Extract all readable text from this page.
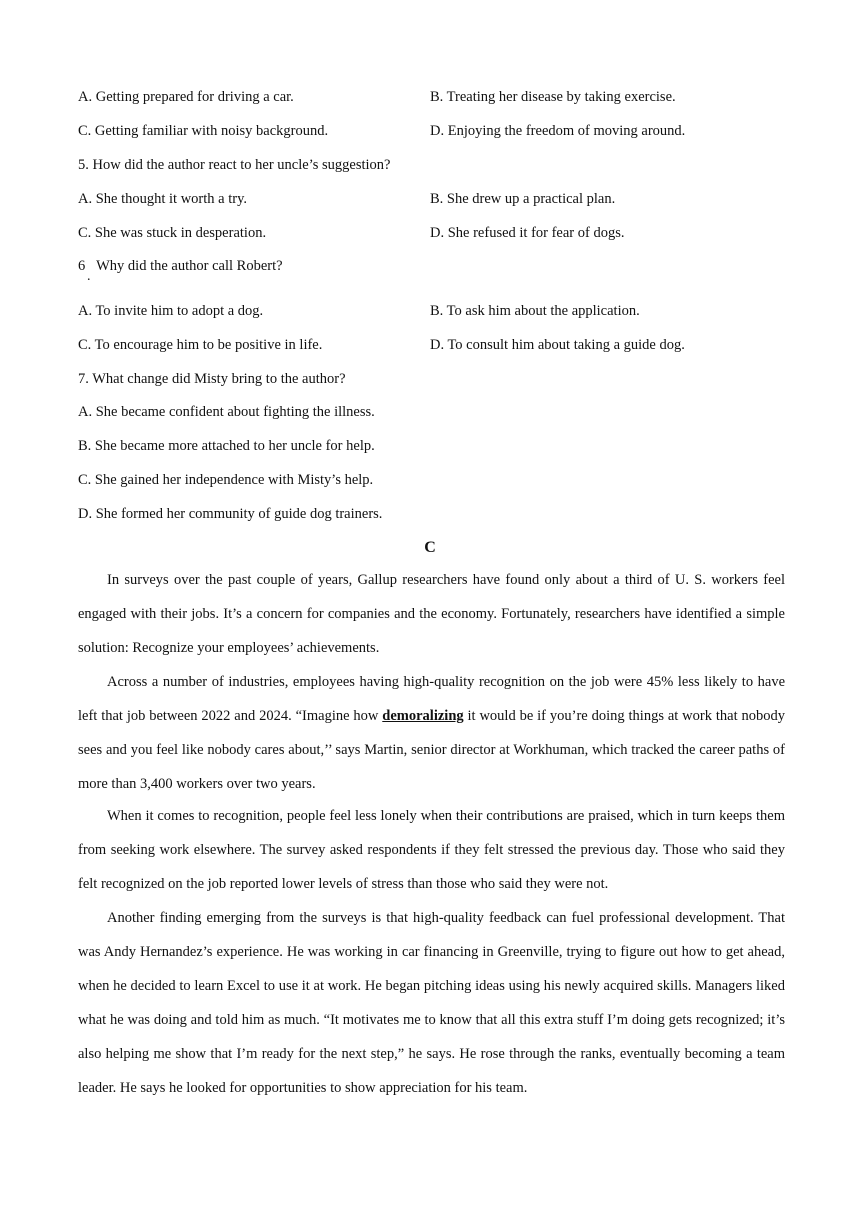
A. Getting prepared for driving a car.	B. Treating her disease by taking exercise.
C. Getting familiar with noisy background.	D. Enjoying the freedom of moving around.
5. How did the author react to her uncle’s suggestion?
A. She thought it worth a try.	B. She drew up a practical plan.
C. She was stuck in desperation.	D. She refused it for fear of dogs.
6 Why did the author call Robert?
.
A. To invite him to adopt a dog.	B. To ask him about the application.
C. To encourage him to be positive in life.	D. To consult him about taking a guide dog.
7. What change did Misty bring to the author?
A. She became confident about fighting the illness.
B. She became more attached to her uncle for help.
C. She gained her independence with Misty’s help.
D. She formed her community of guide dog trainers.
C
In surveys over the past couple of years, Gallup researchers have found only about a third of U. S. workers feel engaged with their jobs. It’s a concern for companies and the economy. Fortunately, researchers have identified a simple solution: Recognize your employees’ achievements.
Across a number of industries, employees having high-quality recognition on the job were 45% less likely to have left that job between 2022 and 2024. “Imagine how demoralizing it would be if you’re doing things at work that nobody sees and you feel like nobody cares about,’’ says Martin, senior director at Workhuman, which tracked the career paths of more than 3,400 workers over two years.
When it comes to recognition, people feel less lonely when their contributions are praised, which in turn keeps them from seeking work elsewhere. The survey asked respondents if they felt stressed the previous day. Those who said they felt recognized on the job reported lower levels of stress than those who said they were not.
Another finding emerging from the surveys is that high-quality feedback can fuel professional development. That was Andy Hernandez’s experience. He was working in car financing in Greenville, trying to figure out how to get ahead, when he decided to learn Excel to use it at work. He began pitching ideas using his newly acquired skills. Managers liked what he was doing and told him as much. “It motivates me to know that all this extra stuff I’m doing gets recognized; it’s also helping me show that I’m ready for the next step,” he says. He rose through the ranks, eventually becoming a team leader. He says he looked for opportunities to show appreciation for his team.
